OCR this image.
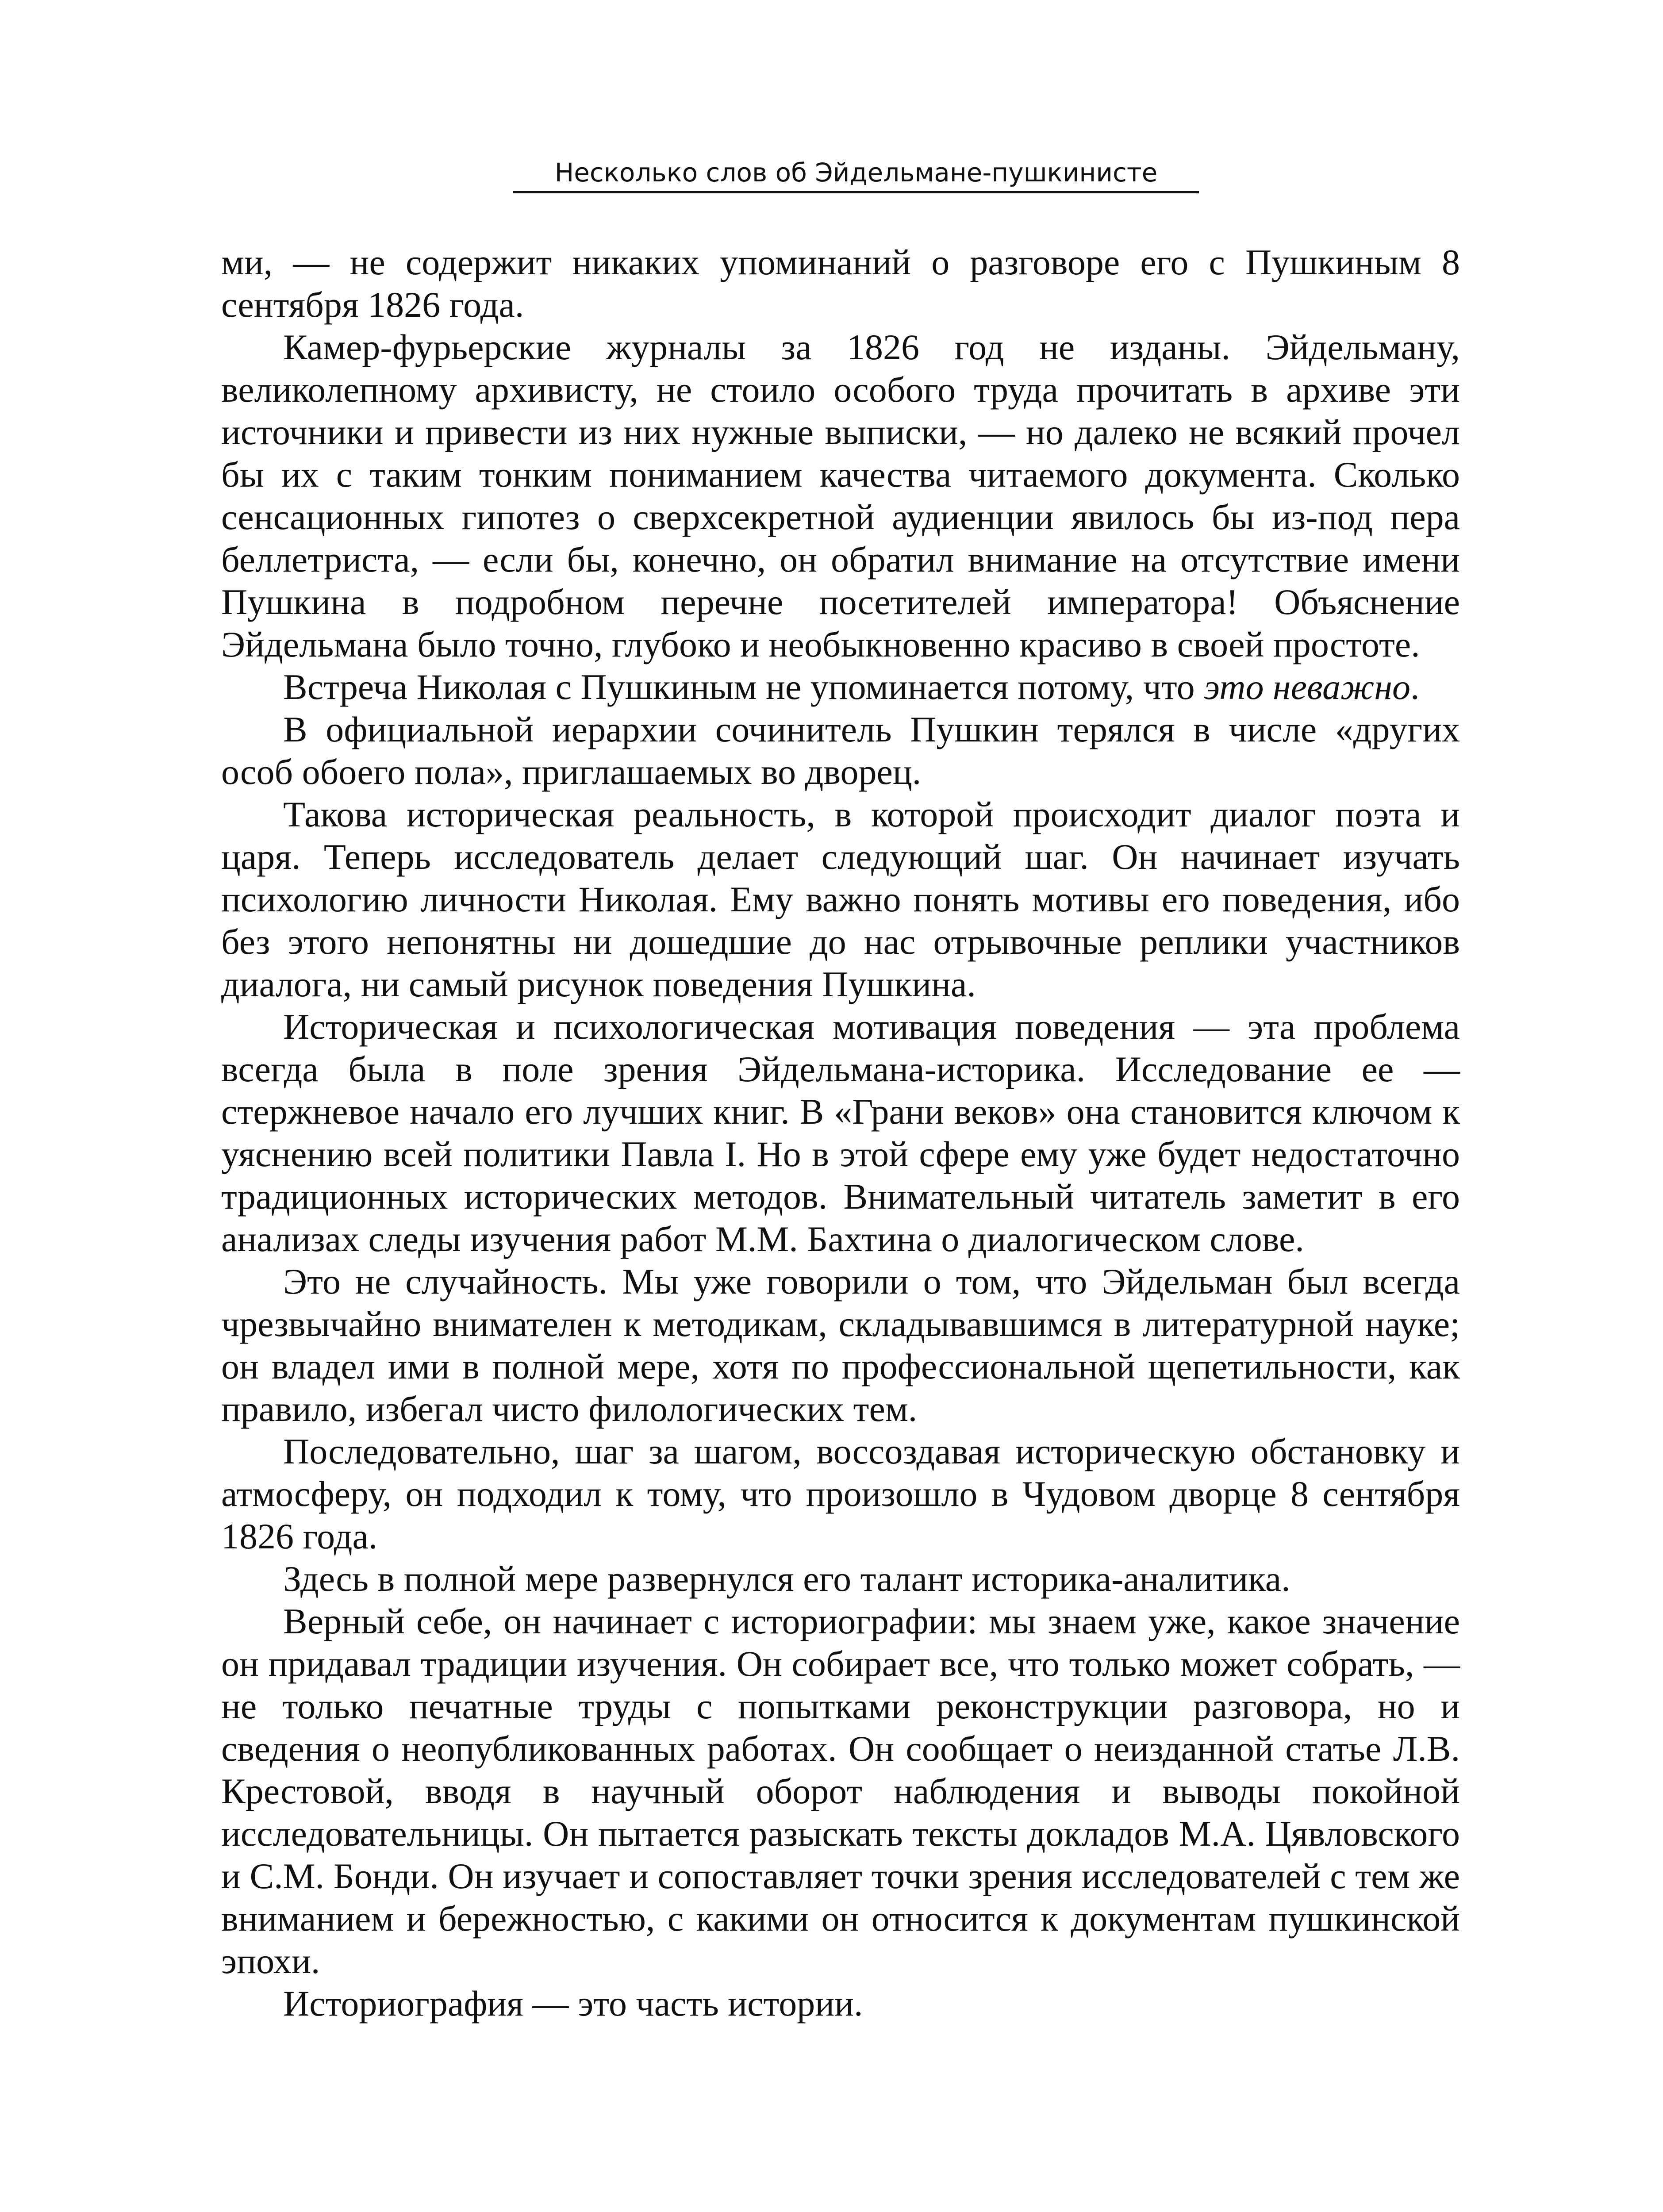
Несколько слов об Эйдельмане-пушкинисте

ми, — не содержит никаких упоминаний о разговоре его с Пушкиным 8 сентября 1826 года.

Камер-фурьерские журналы за 1826 год не изданы. Эйдельману, великолепному архивисту, не стоило особого труда прочитать в архиве эти источники и привести из них нужные выписки, — но далеко не всякий прочел бы их с таким тонким пониманием качества читаемого документа. Сколько сенсационных гипотез о сверхсекретной аудиенции явилось бы из-под пера беллетриста, — если бы, конечно, он обратил внимание на отсутствие имени Пушкина в подробном перечне посетителей императора! Объяснение Эйдельмана было точно, глубоко и необыкновенно красиво в своей простоте.

Встреча Николая с Пушкиным не упоминается потому, что это неважно.

В официальной иерархии сочинитель Пушкин терялся в числе «других особ обоего пола», приглашаемых во дворец.

Такова историческая реальность, в которой происходит диалог поэта и царя. Теперь исследователь делает следующий шаг. Он начинает изучать психологию личности Николая. Ему важно понять мотивы его поведения, ибо без этого непонятны ни дошедшие до нас отрывочные реплики участников диалога, ни самый рисунок поведения Пушкина.

Историческая и психологическая мотивация поведения — эта проблема всегда была в поле зрения Эйдельмана-историка. Исследование ее — стержневое начало его лучших книг. В «Грани веков» она становится ключом к уяснению всей политики Павла I. Но в этой сфере ему уже будет недостаточно традиционных исторических методов. Внимательный читатель заметит в его анализах следы изучения работ М.М. Бахтина о диалогическом слове.

Это не случайность. Мы уже говорили о том, что Эйдельман был всегда чрезвычайно внимателен к методикам, складывавшимся в литературной науке; он владел ими в полной мере, хотя по профессиональной щепетильности, как правило, избегал чисто филологических тем.

Последовательно, шаг за шагом, воссоздавая историческую обстановку и атмосферу, он подходил к тому, что произошло в Чудовом дворце 8 сентября 1826 года.

Здесь в полной мере развернулся его талант историка-аналитика.

Верный себе, он начинает с историографии: мы знаем уже, какое значение он придавал традиции изучения. Он собирает все, что только может собрать, — не только печатные труды с попытками реконструкции разговора, но и сведения о неопубликованных работах. Он сообщает о неизданной статье Л.В. Крестовой, вводя в научный оборот наблюдения и выводы покойной исследовательницы. Он пытается разыскать тексты докладов М.А. Цявловского и С.М. Бонди. Он изучает и сопоставляет точки зрения исследователей с тем же вниманием и бережностью, с какими он относится к документам пушкинской эпохи.

Историография — это часть истории.
